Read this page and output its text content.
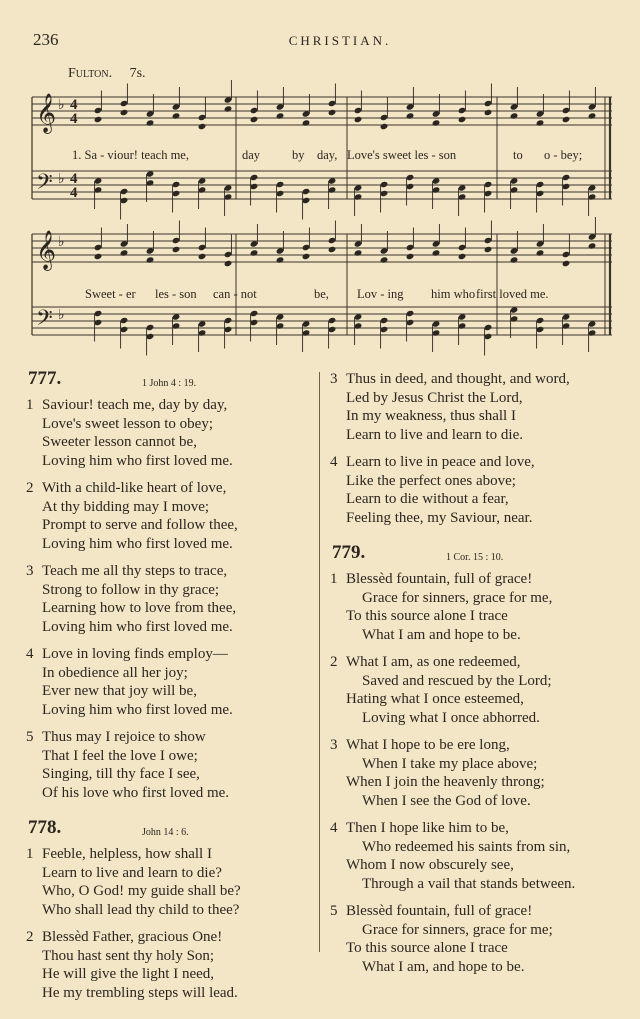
236	CHRISTIAN.
Fulton. 7s.
𝄞 ♭
𝄢 ♭
𝄞 ♭
𝄢 ♭
4
4
4
4
1. Sa - viour! teach me,	day	by day, Love's sweet les - son	to o - bey;
Sweet - er les - son can - not	be, Lov - ing him who first loved me.
777.	1 John 4 : 19.
1 Saviour! teach me, day by day,
Love's sweet lesson to obey;
Sweeter lesson cannot be,
Loving him who first loved me.
2 With a child-like heart of love,
At thy bidding may I move;
Prompt to serve and follow thee,
Loving him who first loved me.
3 Teach me all thy steps to trace,
Strong to follow in thy grace;
Learning how to love from thee,
Loving him who first loved me.
4 Love in loving finds employ—
In obedience all her joy;
Ever new that joy will be,
Loving him who first loved me.
5 Thus may I rejoice to show
That I feel the love I owe;
Singing, till thy face I see,
Of his love who first loved me.
778.	John 14 : 6.
1 Feeble, helpless, how shall I
Learn to live and learn to die?
Who, O God! my guide shall be?
Who shall lead thy child to thee?
2 Blessèd Father, gracious One!
Thou hast sent thy holy Son;
He will give the light I need,
He my trembling steps will lead.
3 Thus in deed, and thought, and word,
Led by Jesus Christ the Lord,
In my weakness, thus shall I
Learn to live and learn to die.
4 Learn to live in peace and love,
Like the perfect ones above;
Learn to die without a fear,
Feeling thee, my Saviour, near.
779.	1 Cor. 15 : 10.
1 Blessèd fountain, full of grace!
Grace for sinners, grace for me,
To this source alone I trace
What I am and hope to be.
2 What I am, as one redeemed,
Saved and rescued by the Lord;
Hating what I once esteemed,
Loving what I once abhorred.
3 What I hope to be ere long,
When I take my place above;
When I join the heavenly throng;
When I see the God of love.
4 Then I hope like him to be,
Who redeemed his saints from sin,
Whom I now obscurely see,
Through a vail that stands between.
5 Blessèd fountain, full of grace!
Grace for sinners, grace for me;
To this source alone I trace
What I am, and hope to be.
